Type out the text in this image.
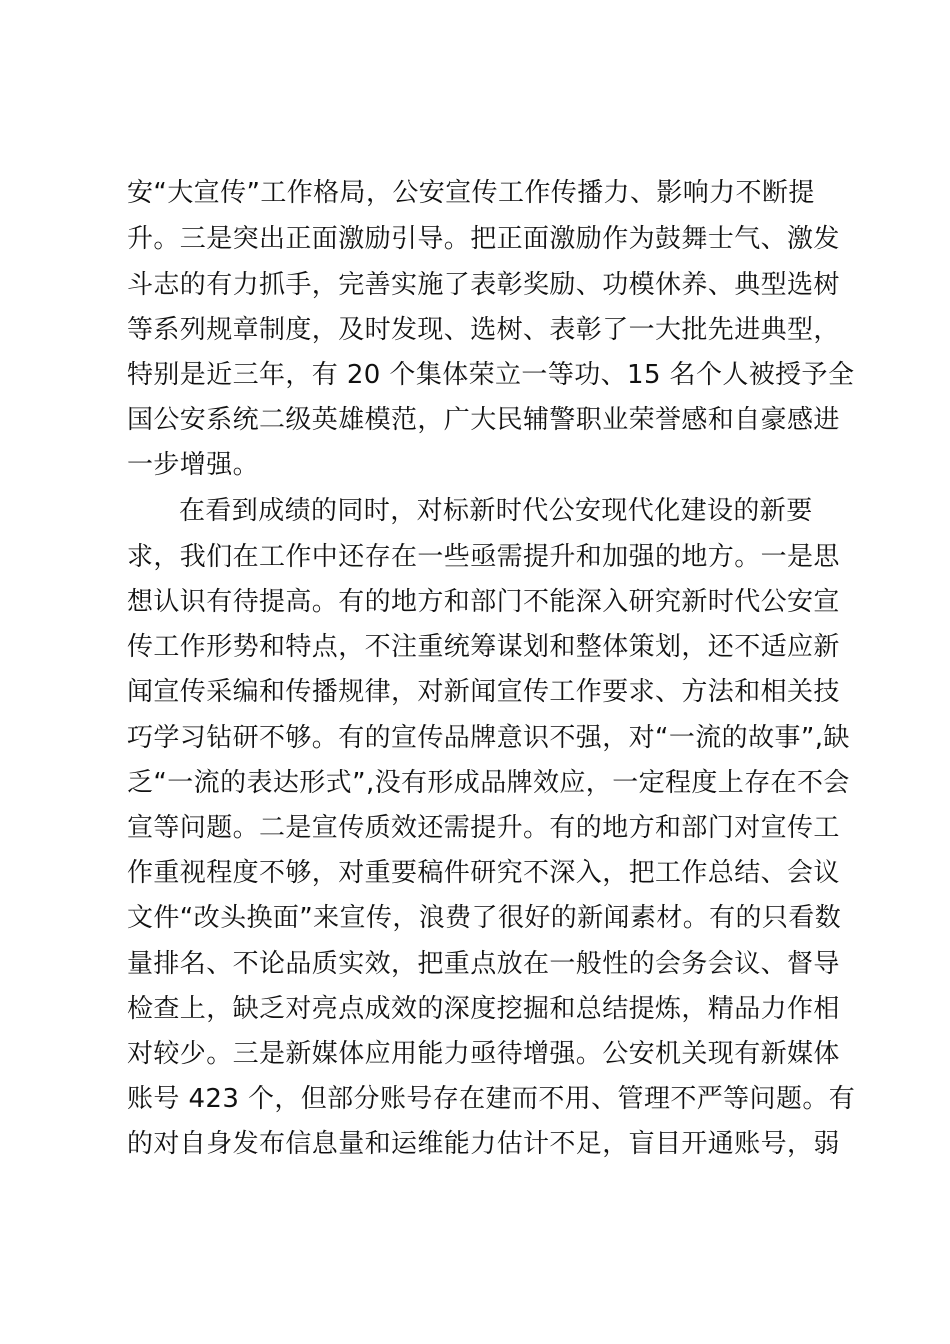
安“大宣传”工作格局，公安宣传工作传播力、影响力不断提
升。三是突出正面激励引导。把正面激励作为鼓舞士气、激发
斗志的有力抓手，完善实施了表彰奖励、功模休养、典型选树
等系列规章制度，及时发现、选树、表彰了一大批先进典型，
特别是近三年，有 20 个集体荣立一等功、15 名个人被授予全
国公安系统二级英雄模范，广大民辅警职业荣誉感和自豪感进
一步增强。
在看到成绩的同时，对标新时代公安现代化建设的新要
求，我们在工作中还存在一些亟需提升和加强的地方。一是思
想认识有待提高。有的地方和部门不能深入研究新时代公安宣
传工作形势和特点，不注重统筹谋划和整体策划，还不适应新
闻宣传采编和传播规律，对新闻宣传工作要求、方法和相关技
巧学习钻研不够。有的宣传品牌意识不强，对“一流的故事”,缺
乏“一流的表达形式”,没有形成品牌效应，一定程度上存在不会
宣等问题。二是宣传质效还需提升。有的地方和部门对宣传工
作重视程度不够，对重要稿件研究不深入，把工作总结、会议
文件“改头换面”来宣传，浪费了很好的新闻素材。有的只看数
量排名、不论品质实效，把重点放在一般性的会务会议、督导
检查上，缺乏对亮点成效的深度挖掘和总结提炼，精品力作相
对较少。三是新媒体应用能力亟待增强。公安机关现有新媒体
账号 423 个，但部分账号存在建而不用、管理不严等问题。有
的对自身发布信息量和运维能力估计不足，盲目开通账号，弱
